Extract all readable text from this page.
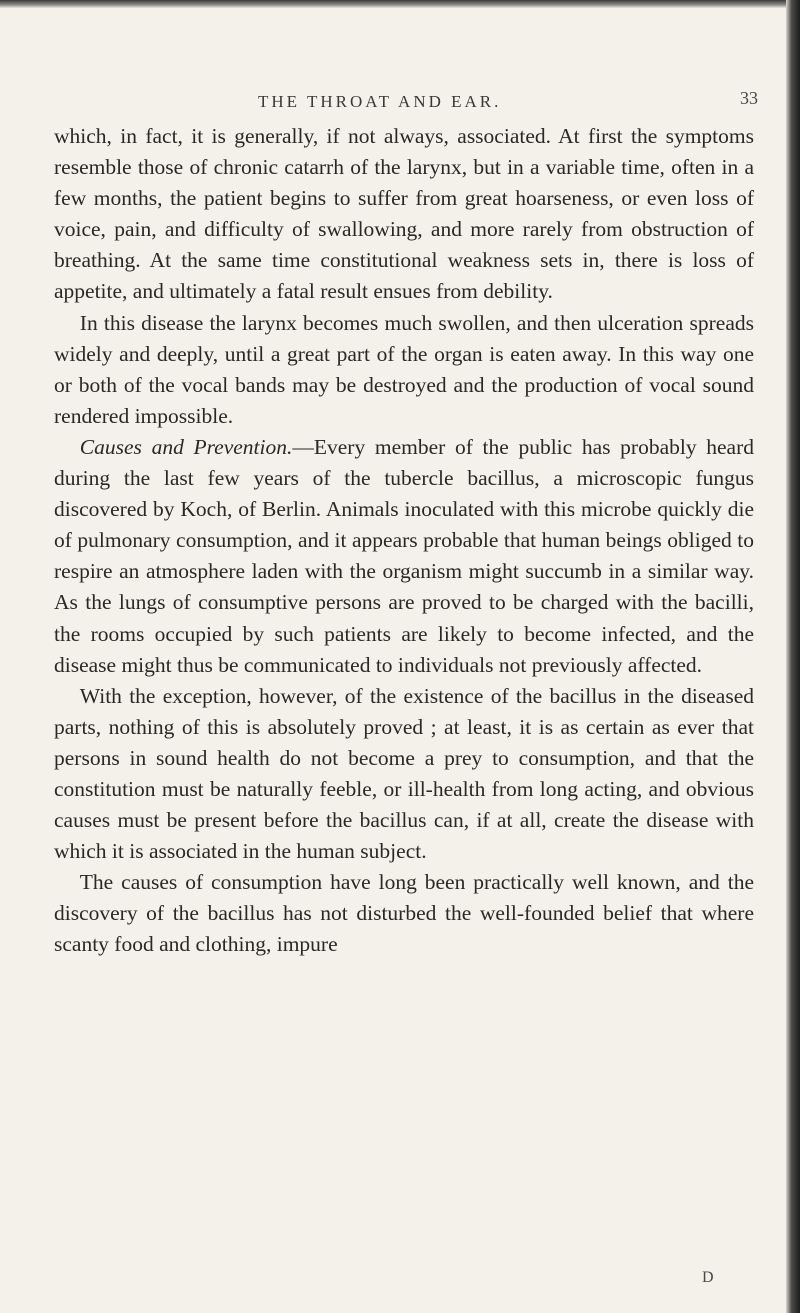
THE THROAT AND EAR.	33

which, in fact, it is generally, if not always, associated. At first the symptoms resemble those of chronic catarrh of the larynx, but in a variable time, often in a few months, the patient begins to suffer from great hoarseness, or even loss of voice, pain, and difficulty of swallowing, and more rarely from obstruction of breathing. At the same time constitutional weakness sets in, there is loss of appetite, and ultimately a fatal result ensues from debility.

In this disease the larynx becomes much swollen, and then ulceration spreads widely and deeply, until a great part of the organ is eaten away. In this way one or both of the vocal bands may be destroyed and the production of vocal sound rendered impossible.

Causes and Prevention.—Every member of the public has probably heard during the last few years of the tubercle bacillus, a microscopic fungus discovered by Koch, of Berlin. Animals inoculated with this microbe quickly die of pulmonary consumption, and it appears probable that human beings obliged to respire an atmosphere laden with the organism might succumb in a similar way. As the lungs of consumptive persons are proved to be charged with the bacilli, the rooms occupied by such patients are likely to become infected, and the disease might thus be communicated to individuals not previously affected.

With the exception, however, of the existence of the bacillus in the diseased parts, nothing of this is absolutely proved ; at least, it is as certain as ever that persons in sound health do not become a prey to consumption, and that the constitution must be naturally feeble, or ill-health from long acting, and obvious causes must be present before the bacillus can, if at all, create the disease with which it is associated in the human subject.

The causes of consumption have long been practically well known, and the discovery of the bacillus has not disturbed the well-founded belief that where scanty food and clothing, impure

D
